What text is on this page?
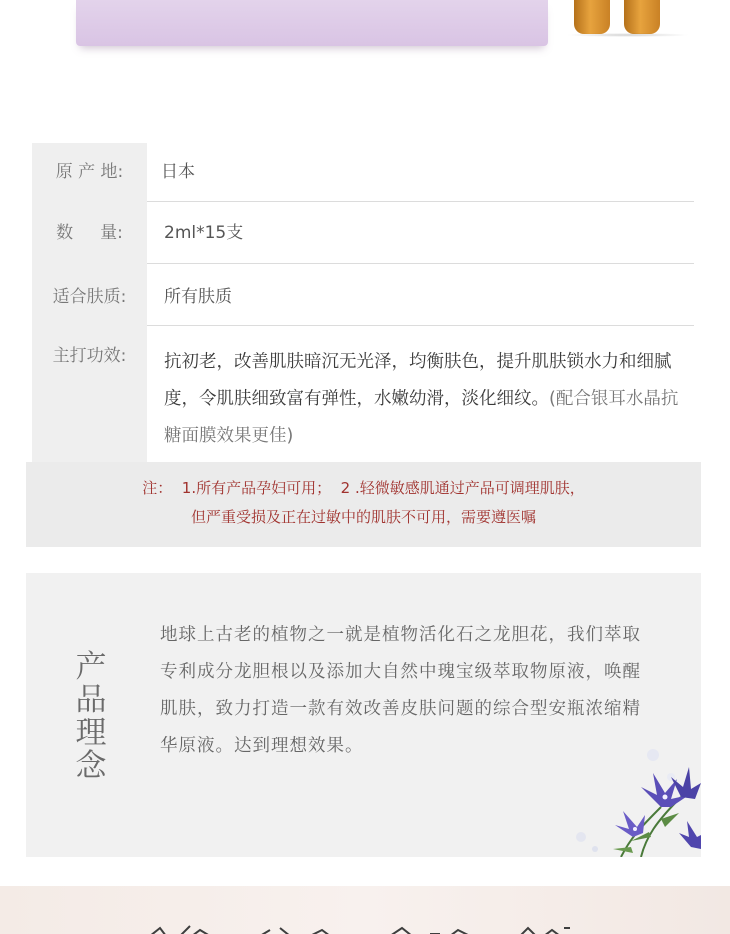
原 产 地:	日本
数     量:	2ml*15支
适合肤质:	所有肤质
主打功效:	抗初老，改善肌肤暗沉无光泽，均衡肤色，提升肌肤锁水力和细腻度，令肌肤细致富有弹性，水嫩幼滑，淡化细纹。(配合银耳水晶抗糖面膜效果更佳)
注：  1.所有产品孕妇可用；  2 .轻微敏感肌通过产品可调理肌肤，
但严重受损及正在过敏中的肌肤不可用，需要遵医嘱
产品理念
地球上古老的植物之一就是植物活化石之龙胆花，我们萃取专利成分龙胆根以及添加大自然中瑰宝级萃取物原液，唤醒肌肤，致力打造一款有效改善皮肤问题的综合型安瓶浓缩精华原液。达到理想效果。
